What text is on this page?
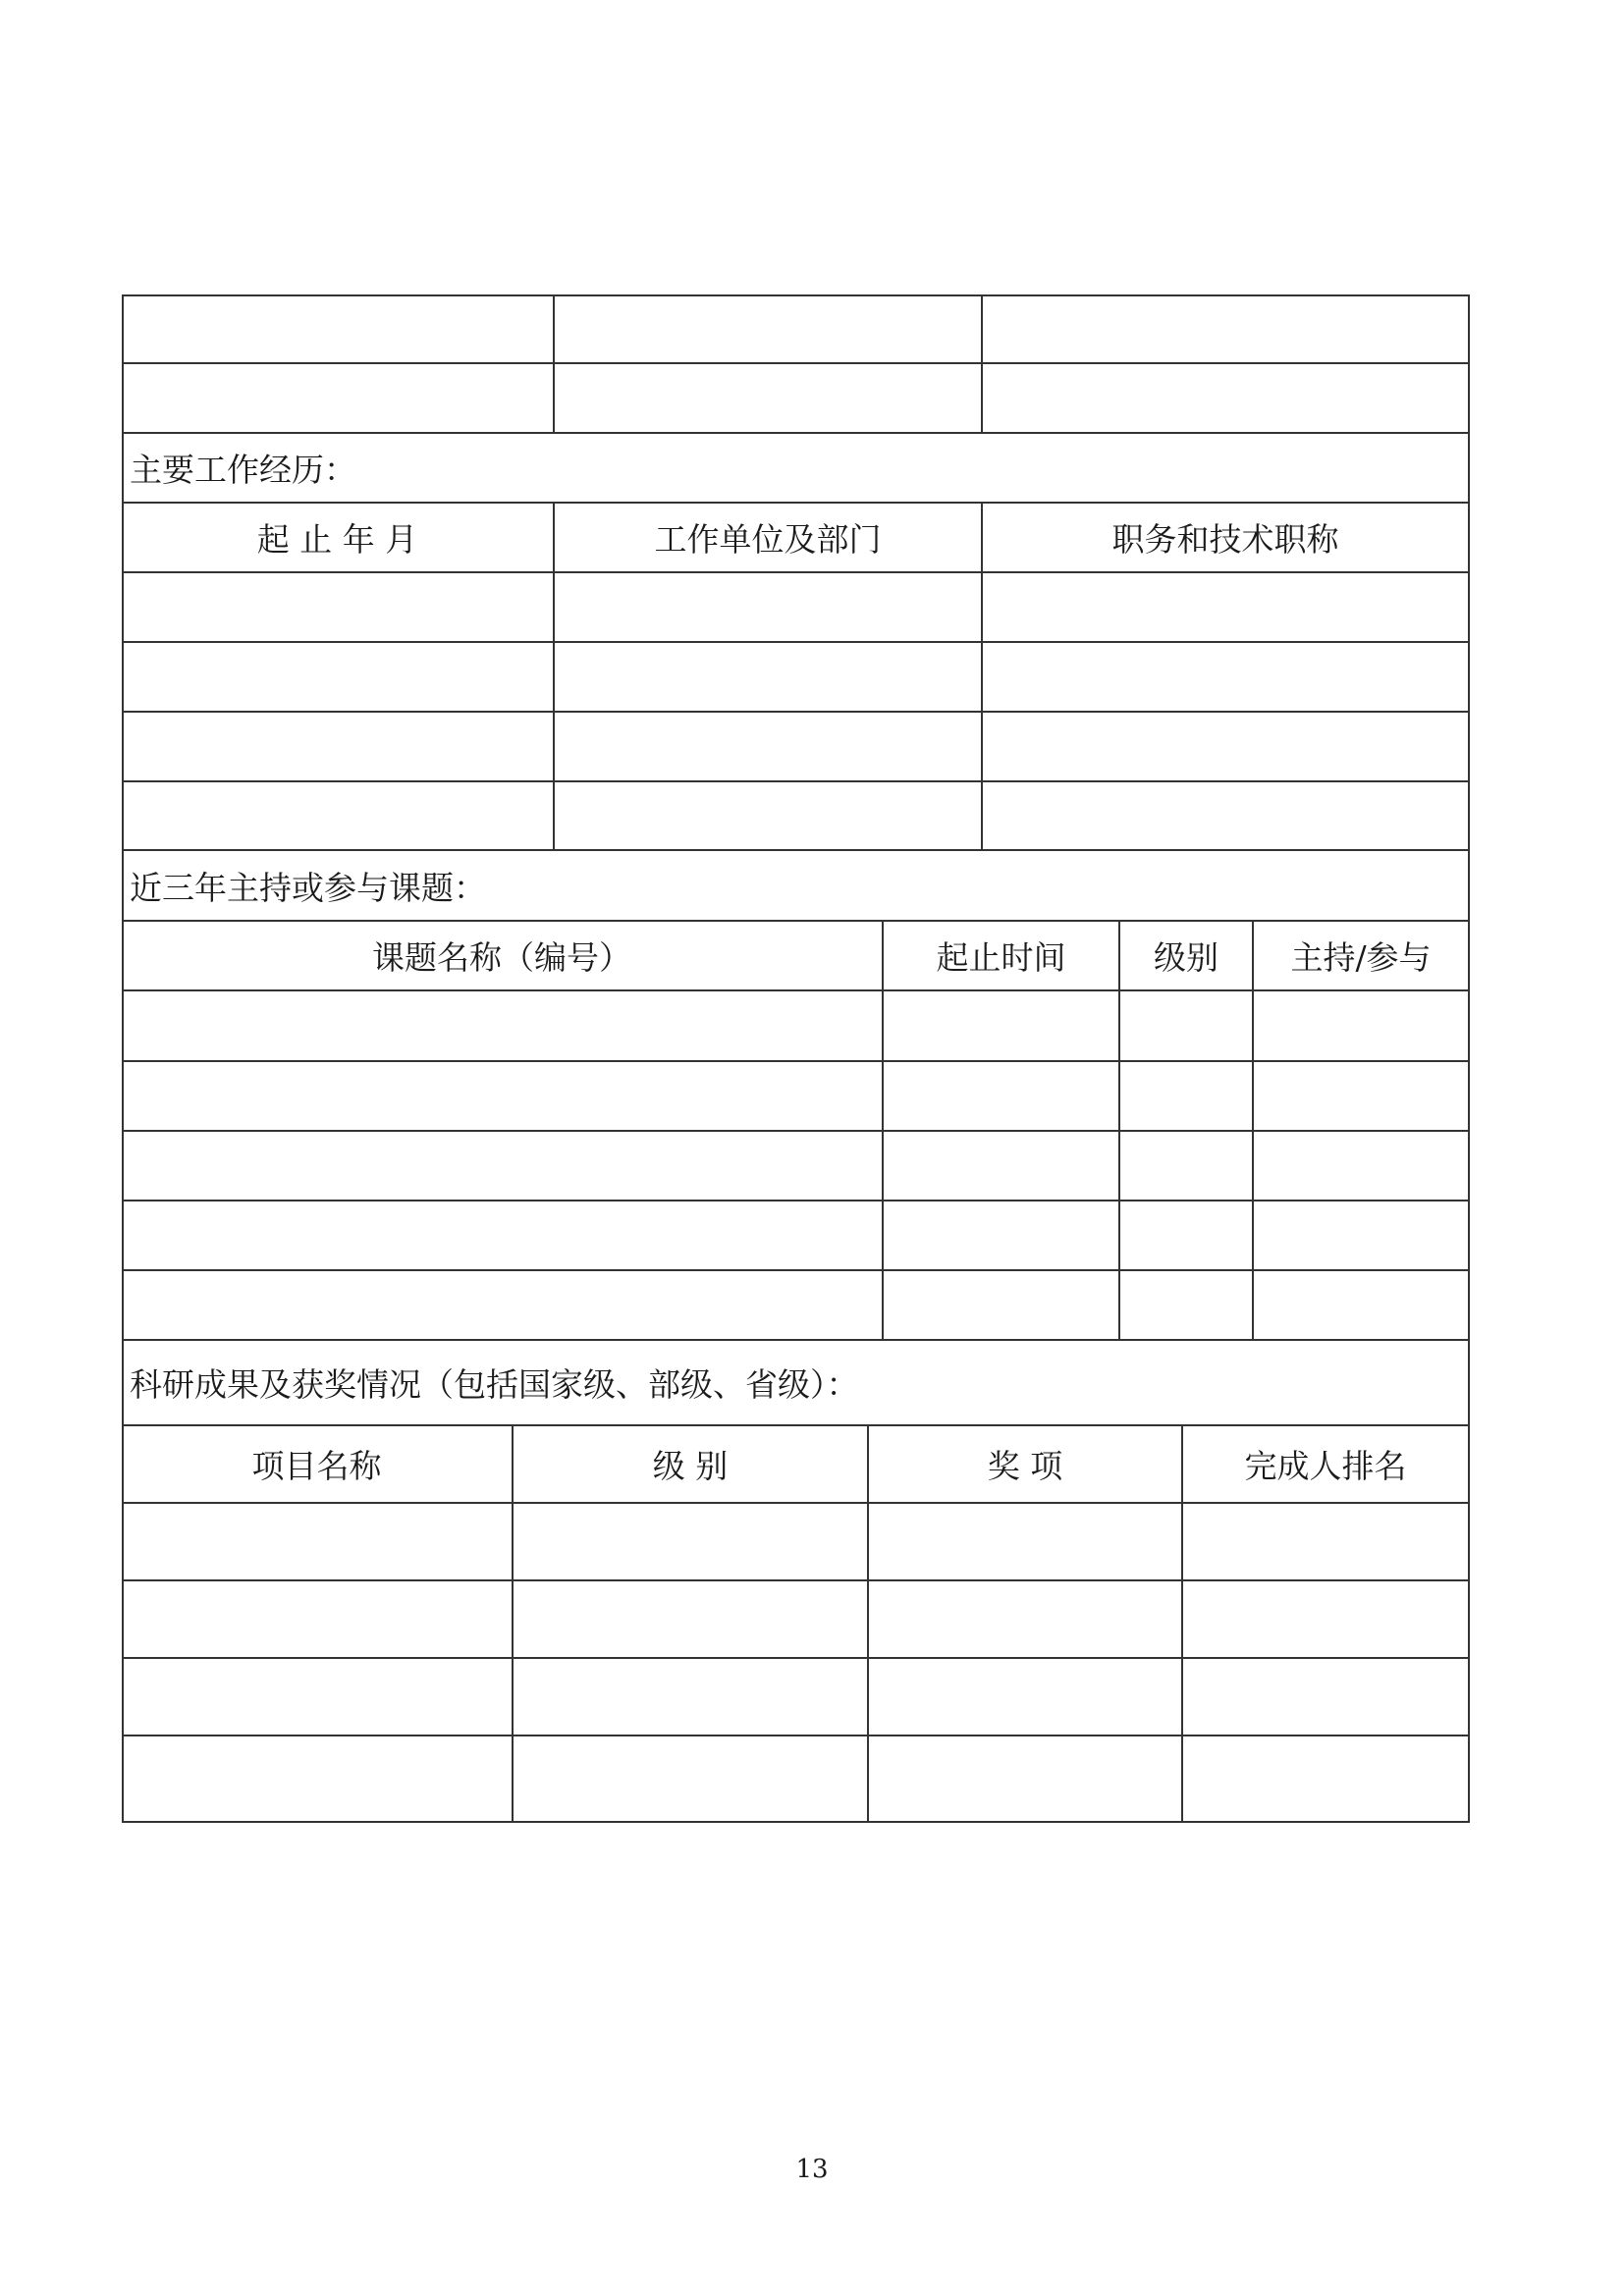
主要工作经历：
起 止 年 月	工作单位及部门	职务和技术职称
近三年主持或参与课题：
课题名称（编号）	起止时间	级别	主持/参与
科研成果及获奖情况（包括国家级、部级、省级）：
项目名称	级 别	奖 项	完成人排名
13
